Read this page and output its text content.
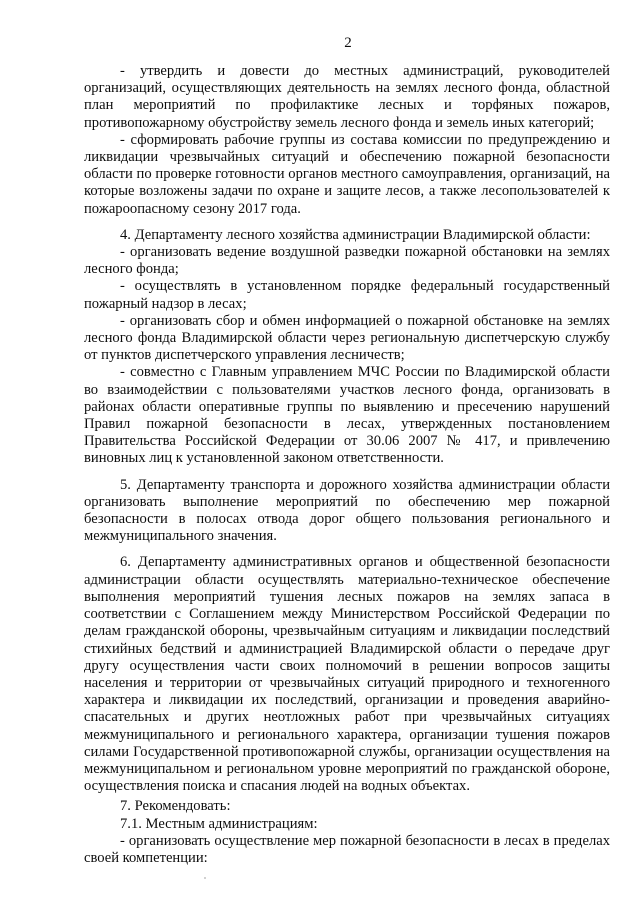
2

- утвердить и довести до местных администраций, руководителей организаций, осуществляющих деятельность на землях лесного фонда, областной план мероприятий по профилактике лесных и торфяных пожаров, противопожарному обустройству земель лесного фонда и земель иных категорий;

- сформировать рабочие группы из состава комиссии по предупреждению и ликвидации чрезвычайных ситуаций и обеспечению пожарной безопасности области по проверке готовности органов местного самоуправления, организаций, на которые возложены задачи по охране и защите лесов, а также лесопользователей к пожароопасному сезону 2017 года.

4. Департаменту лесного хозяйства администрации Владимирской области:

- организовать ведение воздушной разведки пожарной обстановки на землях лесного фонда;

- осуществлять в установленном порядке федеральный государственный пожарный надзор в лесах;

- организовать сбор и обмен информацией о пожарной обстановке на землях лесного фонда Владимирской области через региональную диспетчерскую службу от пунктов диспетчерского управления лесничеств;

- совместно с Главным управлением МЧС России по Владимирской области во взаимодействии с пользователями участков лесного фонда, организовать в районах области оперативные группы по выявлению и пресечению нарушений Правил пожарной безопасности в лесах, утвержденных постановлением Правительства Российской Федерации от 30.06 2007 № 417, и привлечению виновных лиц к установленной законом ответственности.

5. Департаменту транспорта и дорожного хозяйства администрации области организовать выполнение мероприятий по обеспечению мер пожарной безопасности в полосах отвода дорог общего пользования регионального и межмуниципального значения.

6. Департаменту административных органов и общественной безопасности администрации области осуществлять материально-техническое обеспечение выполнения мероприятий тушения лесных пожаров на землях запаса в соответствии с Соглашением между Министерством Российской Федерации по делам гражданской обороны, чрезвычайным ситуациям и ликвидации последствий стихийных бедствий и администрацией Владимирской области о передаче друг другу осуществления части своих полномочий в решении вопросов защиты населения и территории от чрезвычайных ситуаций природного и техногенного характера и ликвидации их последствий, организации и проведения аварийно-спасательных и других неотложных работ при чрезвычайных ситуациях межмуниципального и регионального характера, организации тушения пожаров силами Государственной противопожарной службы, организации осуществления на межмуниципальном и региональном уровне мероприятий по гражданской обороне, осуществления поиска и спасания людей на водных объектах.

7. Рекомендовать:

7.1. Местным администрациям:

- организовать осуществление мер пожарной безопасности в лесах в пределах своей компетенции:
